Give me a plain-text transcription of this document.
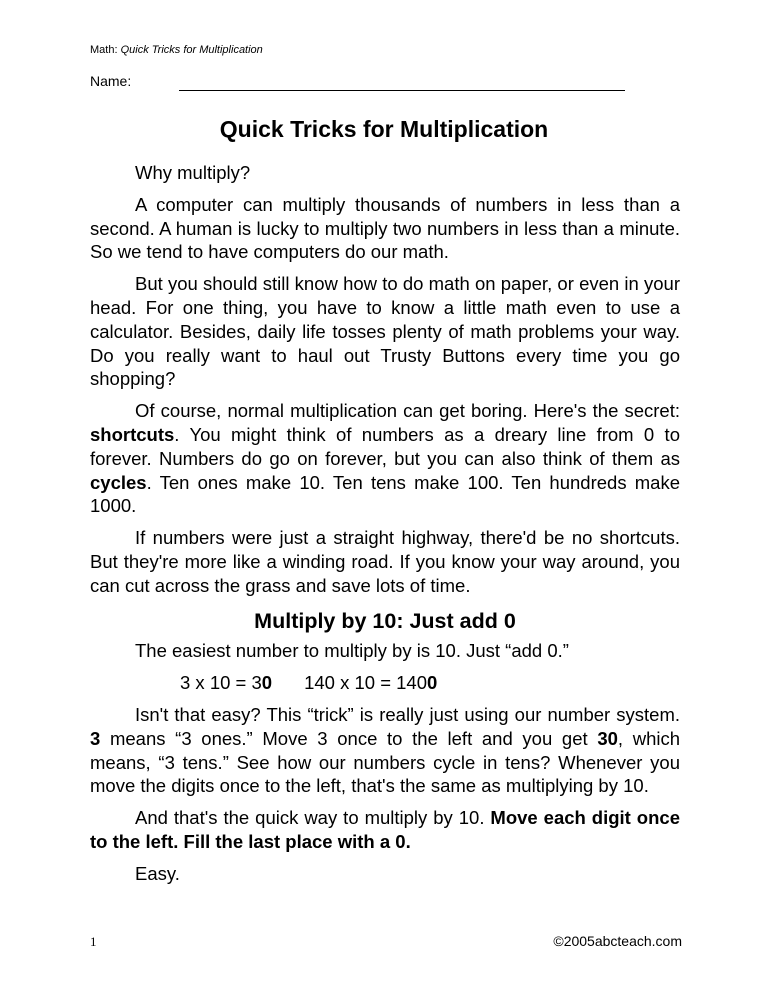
Math: Quick Tricks for Multiplication
Name:
Quick Tricks for Multiplication

Why multiply?

A computer can multiply thousands of numbers in less than a second. A human is lucky to multiply two numbers in less than a minute. So we tend to have computers do our math.

But you should still know how to do math on paper, or even in your head. For one thing, you have to know a little math even to use a calculator. Besides, daily life tosses plenty of math problems your way. Do you really want to haul out Trusty Buttons every time you go shopping?

Of course, normal multiplication can get boring. Here's the secret: shortcuts. You might think of numbers as a dreary line from 0 to forever. Numbers do go on forever, but you can also think of them as cycles. Ten ones make 10. Ten tens make 100. Ten hundreds make 1000.

If numbers were just a straight highway, there'd be no shortcuts. But they're more like a winding road. If you know your way around, you can cut across the grass and save lots of time.

Multiply by 10: Just add 0

The easiest number to multiply by is 10. Just “add 0.”

3 x 10 = 30 140 x 10 = 1400

Isn't that easy? This “trick” is really just using our number system. 3 means “3 ones.” Move 3 once to the left and you get 30, which means, “3 tens.” See how our numbers cycle in tens? Whenever you move the digits once to the left, that's the same as multiplying by 10.

And that's the quick way to multiply by 10. Move each digit once to the left. Fill the last place with a 0.

Easy.

1	©2005abcteach.com
